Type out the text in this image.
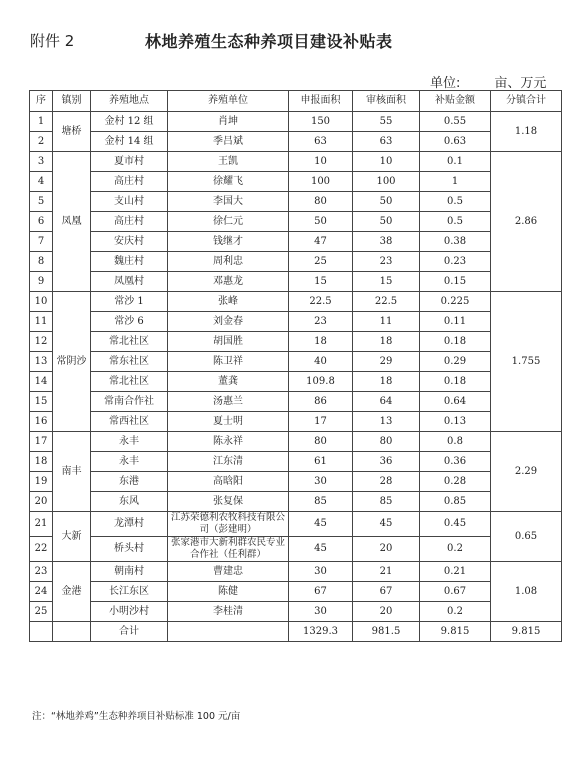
附件 2	林地养殖生态种养项目建设补贴表
单位:	亩、万元
序	镇别	养殖地点	养殖单位	申报面积	审核面积	补贴金额	分镇合计
1	塘桥	金村 12 组	肖坤	150	55	0.55	1.18
2		金村 14 组	季吕斌	63	63	0.63	
3	凤凰	夏市村	王凯	10	10	0.1	2.86
4		高庄村	徐耀飞	100	100	1	
5		支山村	李国大	80	50	0.5	
6		高庄村	徐仁元	50	50	0.5	
7		安庆村	钱继才	47	38	0.38	
8		魏庄村	周利忠	25	23	0.23	
9		凤凰村	邓惠龙	15	15	0.15	
10	常阴沙	常沙 1	张峰	22.5	22.5	0.225	1.755
11		常沙 6	刘金春	23	11	0.11	
12		常北社区	胡国胜	18	18	0.18	
13		常东社区	陈卫祥	40	29	0.29	
14		常北社区	董龚	109.8	18	0.18	
15		常南合作社	汤惠兰	86	64	0.64	
16		常西社区	夏士明	17	13	0.13	
17	南丰	永丰	陈永祥	80	80	0.8	2.29
18		永丰	江东清	61	36	0.36	
19		东港	高晗阳	30	28	0.28	
20		东风	张复保	85	85	0.85	
21	大新	龙潭村	江苏荣德利农牧科技有限公司（彭建明）	45	45	0.45	0.65
22		桥头村	张家港市大新利群农民专业合作社（任利群）	45	20	0.2	
23	金港	朝南村	曹建忠	30	21	0.21	1.08
24		长江东区	陈健	67	67	0.67	
25		小明沙村	李桂清	30	20	0.2	
		合计		1329.3	981.5	9.815	9.815
注：“林地养鸡”生态种养项目补贴标准 100 元/亩
